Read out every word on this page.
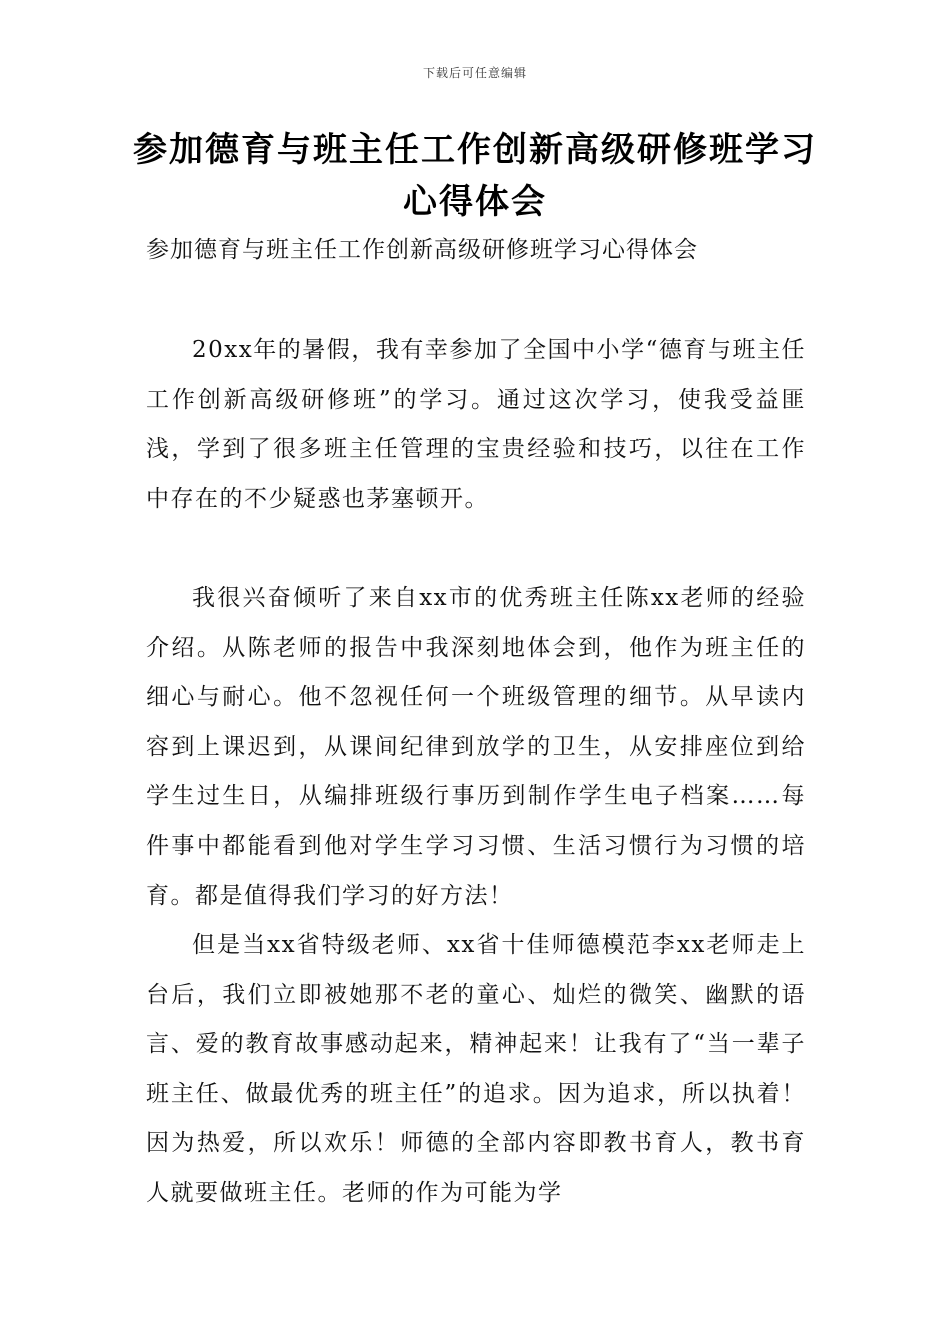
下载后可任意编辑
参加德育与班主任工作创新高级研修班学习心得体会

参加德育与班主任工作创新高级研修班学习心得体会

20xx年的暑假，我有幸参加了全国中小学“德育与班主任工作创新高级研修班”的学习。通过这次学习，使我受益匪浅，学到了很多班主任管理的宝贵经验和技巧，以往在工作中存在的不少疑惑也茅塞顿开。

我很兴奋倾听了来自xx市的优秀班主任陈xx老师的经验介绍。从陈老师的报告中我深刻地体会到，他作为班主任的细心与耐心。他不忽视任何一个班级管理的细节。从早读内容到上课迟到，从课间纪律到放学的卫生，从安排座位到给学生过生日，从编排班级行事历到制作学生电子档案……每件事中都能看到他对学生学习习惯、生活习惯行为习惯的培育。都是值得我们学习的好方法！

但是当xx省特级老师、xx省十佳师德模范李xx老师走上台后，我们立即被她那不老的童心、灿烂的微笑、幽默的语言、爱的教育故事感动起来，精神起来！让我有了“当一辈子班主任、做最优秀的班主任”的追求。因为追求，所以执着！因为热爱，所以欢乐！师德的全部内容即教书育人，教书育人就要做班主任。老师的作为可能为学
